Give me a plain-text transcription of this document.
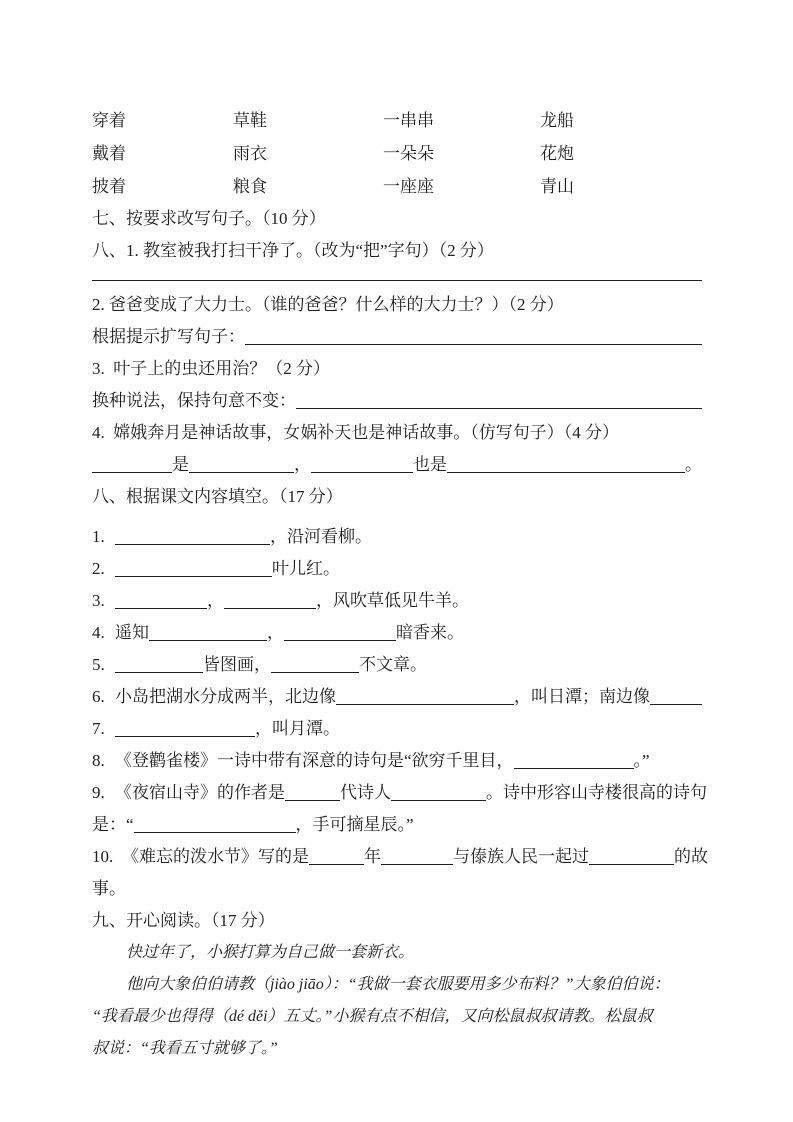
穿着	草鞋	一串串	龙船
戴着	雨衣	一朵朵	花炮
披着	粮食	一座座	青山
七、按要求改写句子。（10 分）
八、1. 教室被我打扫干净了。（改为“把”字句）（2 分）
2. 爸爸变成了大力士。（谁的爸爸？什么样的大力士？）（2 分）
根据提示扩写句子：
3.  叶子上的虫还用治？（2 分）
换种说法，保持句意不变：
4.  嫦娥奔月是神话故事，女娲补天也是神话故事。（仿写句子）（4 分）
是	，	也是	。
八、根据课文内容填空。（17 分）
1.	，沿河看柳。
2.	叶儿红。
3.	，	，风吹草低见牛羊。
4. 遥知	，	暗香来。
5.	皆图画，	不文章。
6. 小岛把湖水分成两半，北边像	，叫日潭；南边像
7.	，叫月潭。
8. 《登鹳雀楼》一诗中带有深意的诗句是“欲穷千里目，	。”
9. 《夜宿山寺》的作者是	代诗人	。诗中形容山寺楼很高的诗句
是：“	，手可摘星辰。”
10. 《难忘的泼水节》写的是	年	与傣族人民一起过	的故
事。
九、开心阅读。（17 分）
快过年了，小猴打算为自己做一套新衣。
他向大象伯伯请教（jiào jiāo）：“我做一套衣服要用多少布料？”大象伯伯说：
“我看最少也得得（dé děi）五丈。”小猴有点不相信，又向松鼠叔叔请教。松鼠叔
叔说：“我看五寸就够了。”
